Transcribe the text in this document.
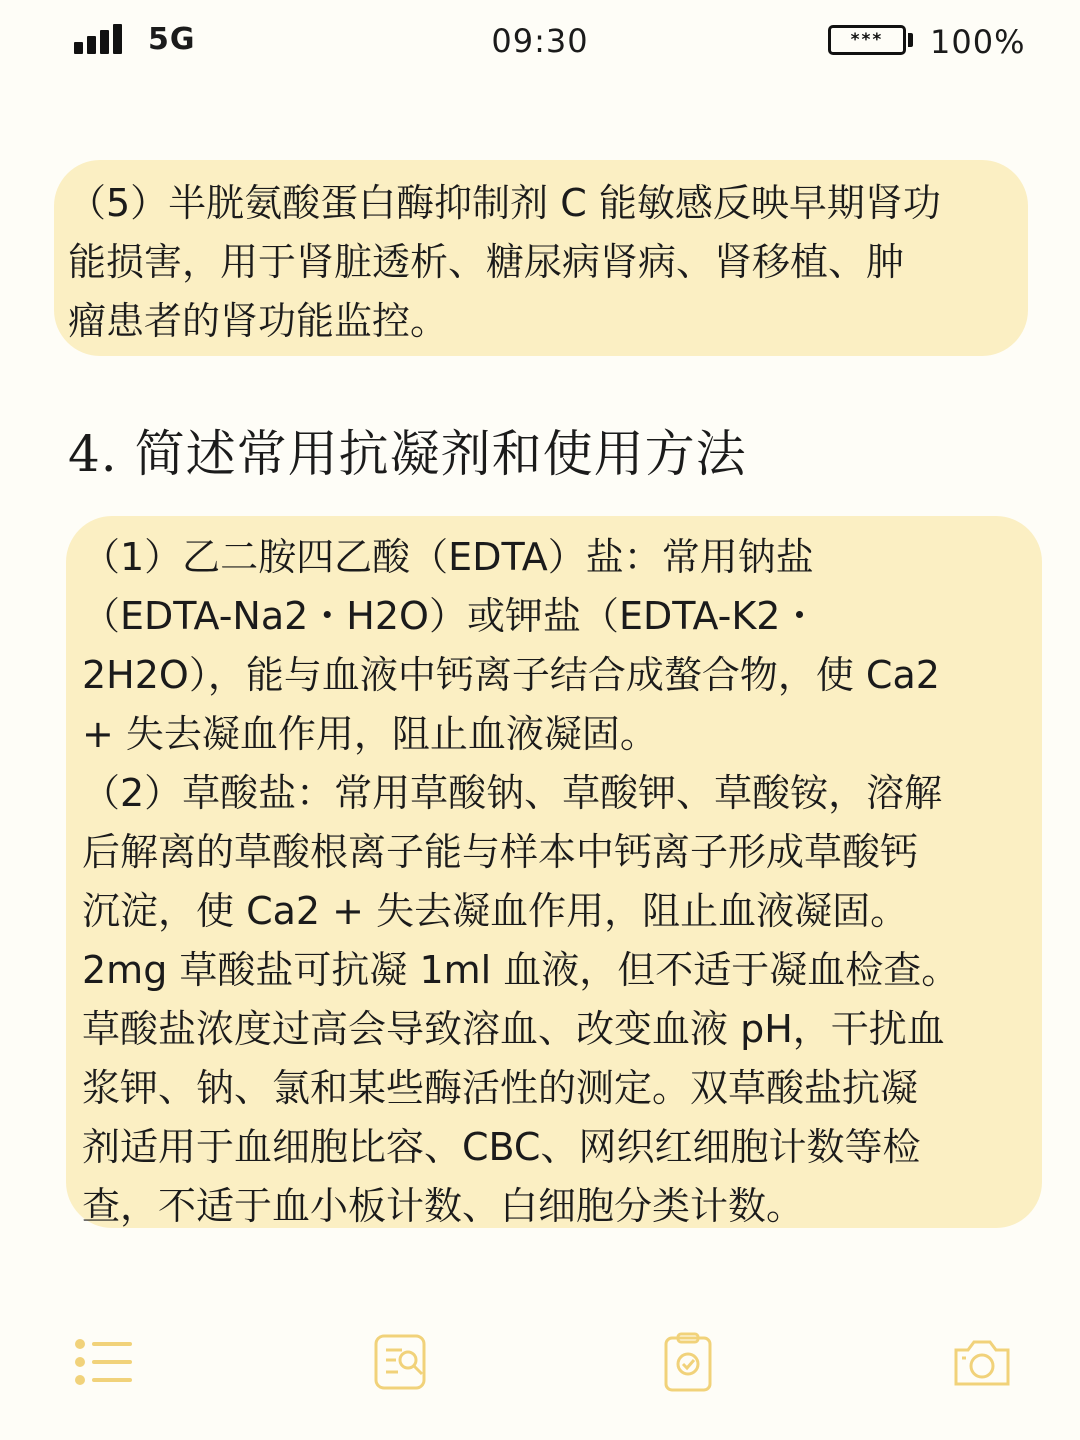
5G	09:30	***	100%

（5）半胱氨酸蛋白酶抑制剂 C 能敏感反映早期肾功
能损害，用于肾脏透析、糖尿病肾病、肾移植、肿
瘤患者的肾功能监控。

4. 简述常用抗凝剂和使用方法

（1）乙二胺四乙酸（EDTA）盐：常用钠盐
（EDTA-Na2・H2O）或钾盐（EDTA-K2・
2H2O），能与血液中钙离子结合成螯合物，使 Ca2
+ 失去凝血作用，阻止血液凝固。

（2）草酸盐：常用草酸钠、草酸钾、草酸铵，溶解
后解离的草酸根离子能与样本中钙离子形成草酸钙
沉淀，使 Ca2 + 失去凝血作用，阻止血液凝固。
2mg 草酸盐可抗凝 1ml 血液，但不适于凝血检查。
草酸盐浓度过高会导致溶血、改变血液 pH，干扰血
浆钾、钠、氯和某些酶活性的测定。双草酸盐抗凝
剂适用于血细胞比容、CBC、网织红细胞计数等检
查，不适于血小板计数、白细胞分类计数。
